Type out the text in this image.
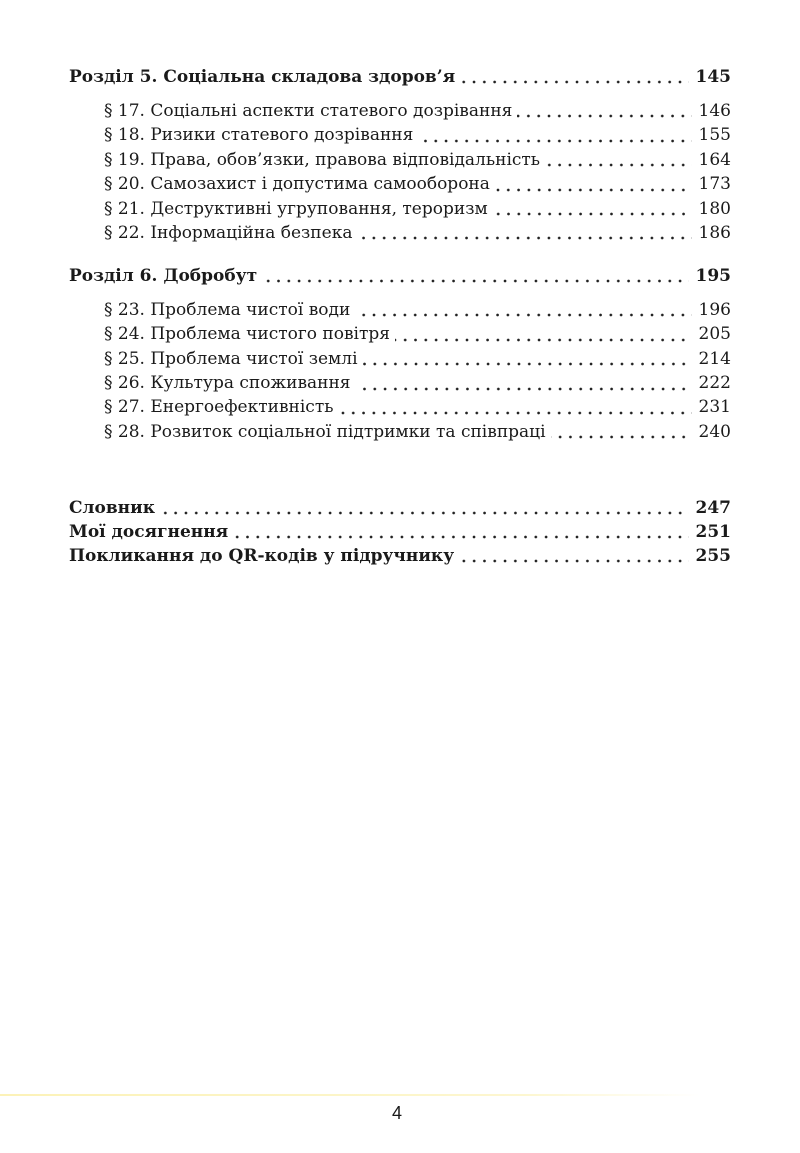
Розділ 5. Соціальна складова здоров’я	145
§ 17. Соціальні аспекти статевого дозрівання	146
§ 18. Ризики статевого дозрівання	155
§ 19. Права, обов’язки, правова відповідальність	164
§ 20. Самозахист і допустима самооборона	173
§ 21. Деструктивні угруповання, тероризм	180
§ 22. Інформаційна безпека	186
Розділ 6. Добробут	195
§ 23. Проблема чистої води	196
§ 24. Проблема чистого повітря	205
§ 25. Проблема чистої землі	214
§ 26. Культура споживання	222
§ 27. Енергоефективність	231
§ 28. Розвиток соціальної підтримки та співпраці	240
Словник	247
Мої досягнення	251
Покликання до QR-кодів у підручнику	255
4
